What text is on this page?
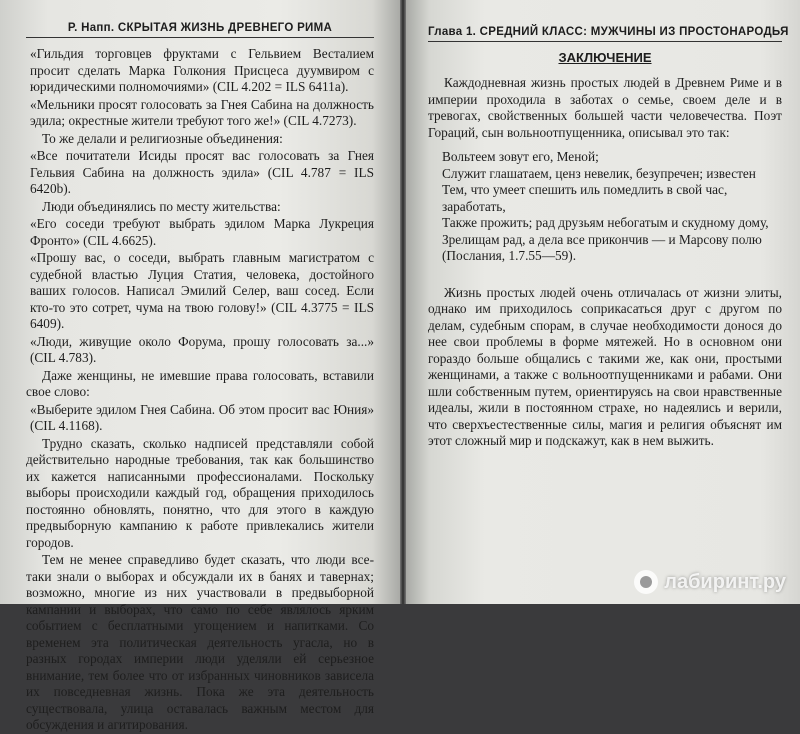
Р. Напп. СКРЫТАЯ ЖИЗНЬ ДРЕВНЕГО РИМА

«Гильдия торговцев фруктами с Гельвием Весталием просит сделать Марка Голкония Присцеса дуумвиром с юридическими полномочиями» (CIL 4.202 = ILS 6411a).

«Мельники просят голосовать за Гнея Сабина на должность эдила; окрестные жители требуют того же!» (CIL 4.7273).

То же делали и религиозные объединения:

«Все почитатели Исиды просят вас голосовать за Гнея Гельвия Сабина на должность эдила» (CIL 4.787 = ILS 6420b).

Люди объединялись по месту жительства:

«Его соседи требуют выбрать эдилом Марка Лукреция Фронто» (CIL 4.6625).

«Прошу вас, о соседи, выбрать главным магистратом с судебной властью Луция Статия, человека, достойного ваших голосов. Написал Эмилий Селер, ваш сосед. Если кто-то это сотрет, чума на твою голову!» (CIL 4.3775 = ILS 6409).

«Люди, живущие около Форума, прошу голосовать за...» (CIL 4.783).

Даже женщины, не имевшие права голосовать, вставили свое слово:

«Выберите эдилом Гнея Сабина. Об этом просит вас Юния» (CIL 4.1168).

Трудно сказать, сколько надписей представляли собой действительно народные требования, так как большинство их кажется написанными профессионалами. Поскольку выборы происходили каждый год, обращения приходилось постоянно обновлять, понятно, что для этого в каждую предвыборную кампанию к работе привлекались жители городов.

Тем не менее справедливо будет сказать, что люди все-таки знали о выборах и обсуждали их в банях и тавернах; возможно, многие из них участвовали в предвыборной кампании и выборах, что само по себе являлось ярким событием с бесплатными угощением и напитками. Со временем эта политическая деятельность угасла, но в разных городах империи люди уделяли ей серьезное внимание, тем более что от избранных чиновников зависела их повседневная жизнь. Пока же эта деятельность существовала, улица оставалась важным местом для обсуждения и агитирования.

Глава 1. СРЕДНИЙ КЛАСС: МУЖЧИНЫ ИЗ ПРОСТОНАРОДЬЯ
ЗАКЛЮЧЕНИЕ

Каждодневная жизнь простых людей в Древнем Риме и в империи проходила в заботах о семье, своем деле и в тревогах, свойственных большей части человечества. Поэт Гораций, сын вольноотпущенника, описывал это так:

Вольтеем зовут его, Меной;
Служит глашатаем, ценз невелик, безупречен; известен
Тем, что умеет спешить иль помедлить в свой час, заработать,
Также прожить; рад друзьям небогатым и скудному дому,
Зрелищам рад, а дела все прикончив — и Марсову полю
(Послания, 1.7.55—59).

Жизнь простых людей очень отличалась от жизни элиты, однако им приходилось соприкасаться друг с другом по делам, судебным спорам, в случае необходимости донося до нее свои проблемы в форме мятежей. Но в основном они гораздо больше общались с такими же, как они, простыми женщинами, а также с вольноотпущенниками и рабами. Они шли собственным путем, ориентируясь на свои нравственные идеалы, жили в постоянном страхе, но надеялись и верили, что сверхъестественные силы, магия и религия объяснят им этот сложный мир и подскажут, как в нем выжить.

лабиринт.ру
